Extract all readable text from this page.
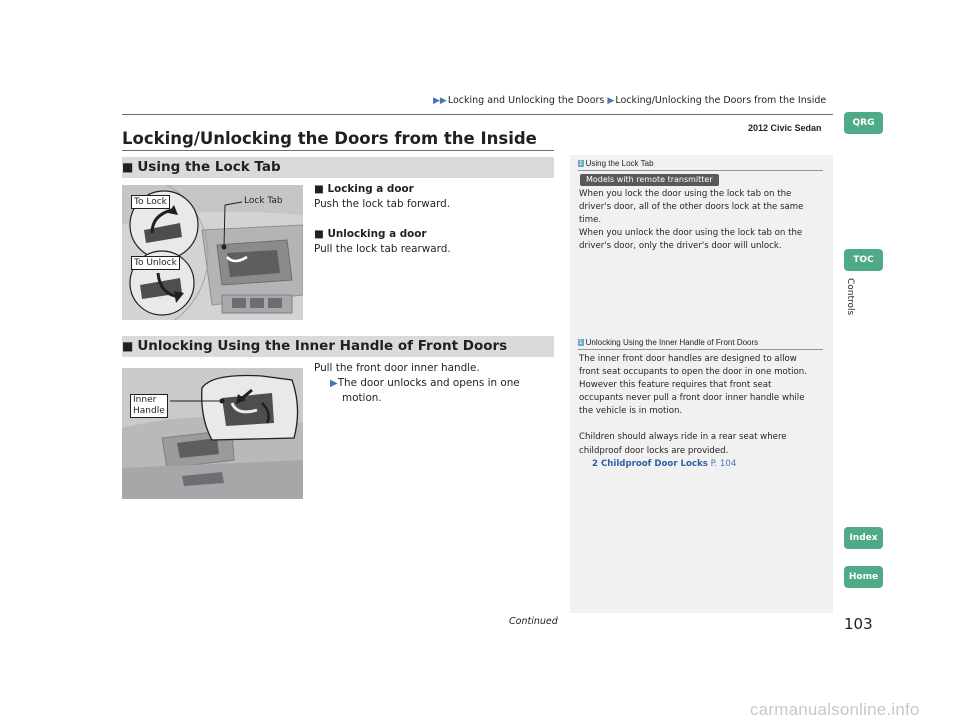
▶▶Locking and Unlocking the Doors ▶Locking/Unlocking the Doors from the Inside
2012 Civic Sedan	QRG
TOC
Controls
Index
Home
Locking/Unlocking the Doors from the Inside
■ Using the Lock Tab
To Lock	Lock Tab
To Unlock
■ Locking a door
Push the lock tab forward.
■ Unlocking a door
Pull the lock tab rearward.
1 Using the Lock Tab
Models with remote transmitter
When you lock the door using the lock tab on the
driver's door, all of the other doors lock at the same
time.
When you unlock the door using the lock tab on the
driver's door, only the driver's door will unlock.
■ Unlocking Using the Inner Handle of Front Doors
Inner
Handle
Pull the front door inner handle.
▶The door unlocks and opens in one
motion.
1 Unlocking Using the Inner Handle of Front Doors
The inner front door handles are designed to allow
front seat occupants to open the door in one motion.
However this feature requires that front seat
occupants never pull a front door inner handle while
the vehicle is in motion.
Children should always ride in a rear seat where
childproof door locks are provided.
2 Childproof Door Locks P. 104
Continued	103
carmanualsonline.info
